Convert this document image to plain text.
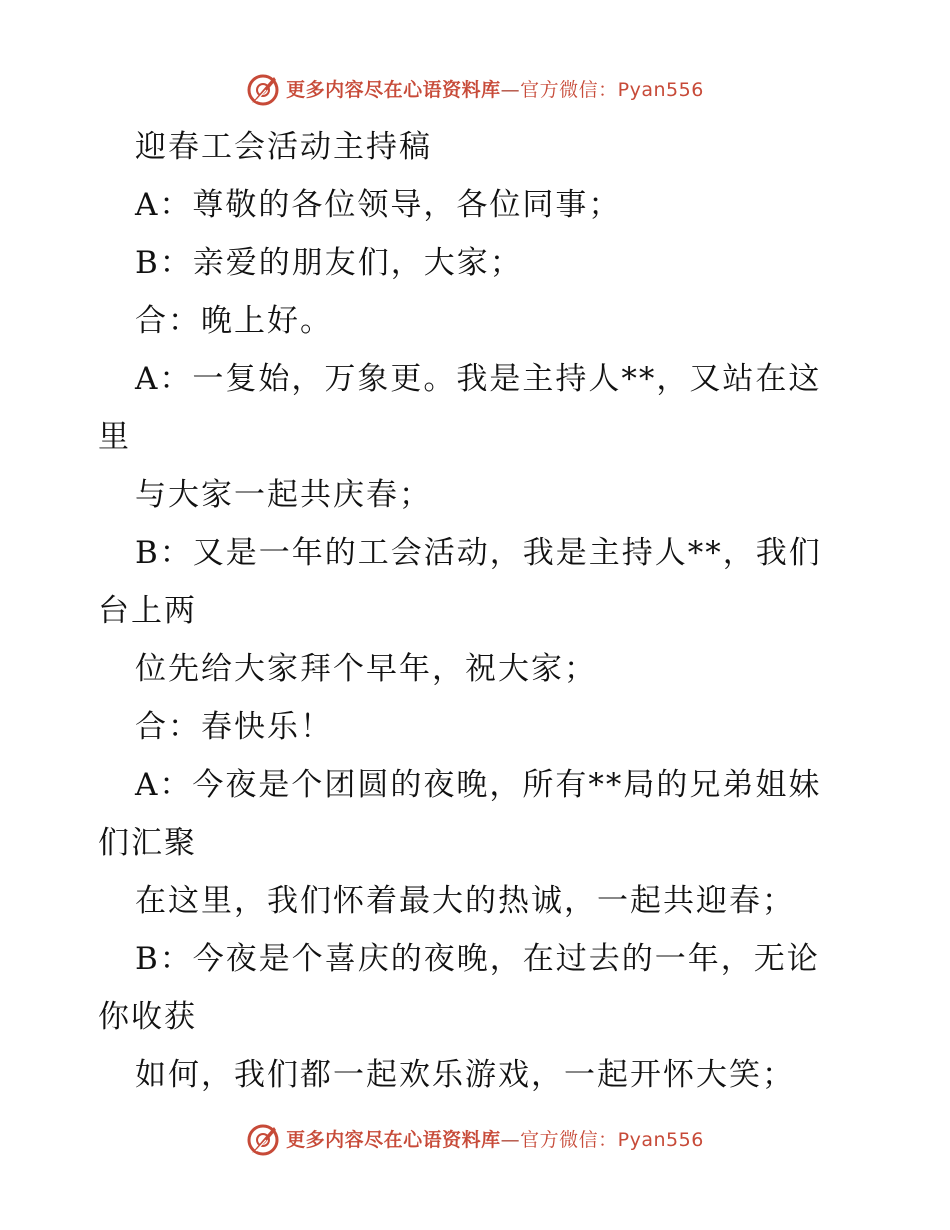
更多内容尽在心语资料库—官方微信：Pyan556
迎春工会活动主持稿
A：尊敬的各位领导，各位同事；
B：亲爱的朋友们，大家；
合：晚上好。
A：一复始，万象更。我是主持人**，又站在这
里
与大家一起共庆春；
B：又是一年的工会活动，我是主持人**，我们
台上两
位先给大家拜个早年，祝大家；
合：春快乐！
A：今夜是个团圆的夜晚，所有**局的兄弟姐妹
们汇聚
在这里，我们怀着最大的热诚，一起共迎春；
B：今夜是个喜庆的夜晚，在过去的一年，无论
你收获
如何，我们都一起欢乐游戏，一起开怀大笑；
更多内容尽在心语资料库—官方微信：Pyan556
